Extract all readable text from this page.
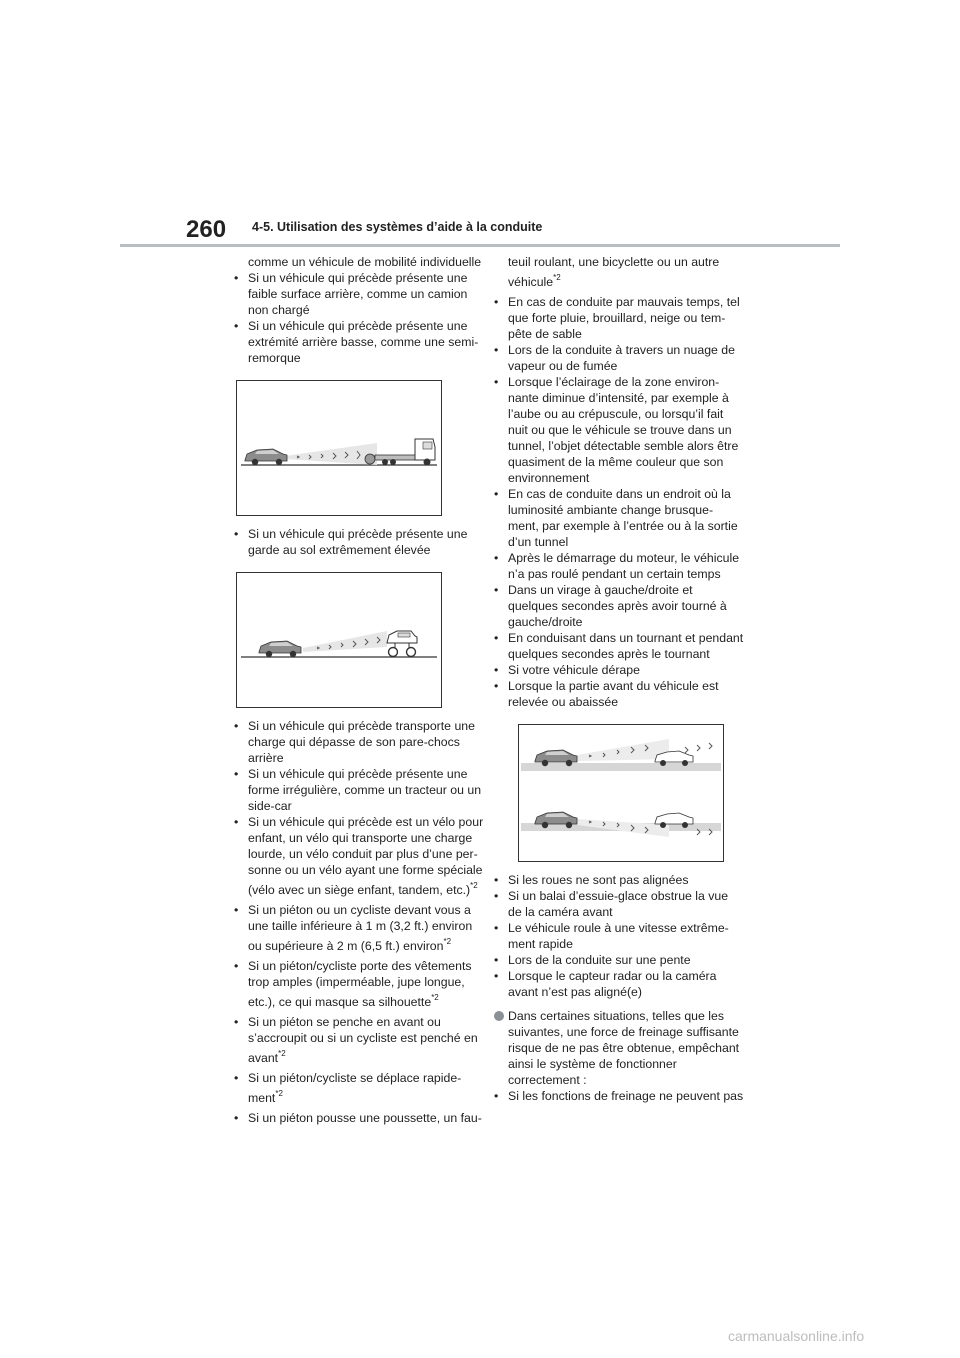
260 4-5. Utilisation des systèmes d’aide à la conduite
comme un véhicule de mobilité individuelle
• Si un véhicule qui précède présente une
faible surface arrière, comme un camion
non chargé
• Si un véhicule qui précède présente une
extrémité arrière basse, comme une semi-
remorque
• Si un véhicule qui précède présente une
garde au sol extrêmement élevée
• Si un véhicule qui précède transporte une
charge qui dépasse de son pare-chocs
arrière
• Si un véhicule qui précède présente une
forme irrégulière, comme un tracteur ou un
side-car
• Si un véhicule qui précède est un vélo pour
enfant, un vélo qui transporte une charge
lourde, un vélo conduit par plus d’une per-
sonne ou un vélo ayant une forme spéciale
(vélo avec un siège enfant, tandem, etc.)$^{*2}$
• Si un piéton ou un cycliste devant vous a
une taille inférieure à 1 m (3,2 ft.) environ
ou supérieure à 2 m (6,5 ft.) environ$^{*2}$
• Si un piéton/cycliste porte des vêtements
trop amples (imperméable, jupe longue,
etc.), ce qui masque sa silhouette$^{*2}$
• Si un piéton se penche en avant ou
s’accroupit ou si un cycliste est penché en
avant$^{*2}$
• Si un piéton/cycliste se déplace rapide-
ment$^{*2}$
• Si un piéton pousse une poussette, un fau-
teuil roulant, une bicyclette ou un autre
véhicule$^{*2}$
• En cas de conduite par mauvais temps, tel
que forte pluie, brouillard, neige ou tem-
pête de sable
• Lors de la conduite à travers un nuage de
vapeur ou de fumée
• Lorsque l’éclairage de la zone environ-
nante diminue d’intensité, par exemple à
l’aube ou au crépuscule, ou lorsqu’il fait
nuit ou que le véhicule se trouve dans un
tunnel, l’objet détectable semble alors être
quasiment de la même couleur que son
environnement
• En cas de conduite dans un endroit où la
luminosité ambiante change brusque-
ment, par exemple à l’entrée ou à la sortie
d’un tunnel
• Après le démarrage du moteur, le véhicule
n’a pas roulé pendant un certain temps
• Dans un virage à gauche/droite et
quelques secondes après avoir tourné à
gauche/droite
• En conduisant dans un tournant et pendant
quelques secondes après le tournant
• Si votre véhicule dérape
• Lorsque la partie avant du véhicule est
relevée ou abaissée
• Si les roues ne sont pas alignées
• Si un balai d’essuie-glace obstrue la vue
de la caméra avant
• Le véhicule roule à une vitesse extrême-
ment rapide
• Lors de la conduite sur une pente
• Lorsque le capteur radar ou la caméra
avant n’est pas aligné(e)
Dans certaines situations, telles que les
suivantes, une force de freinage suffisante
risque de ne pas être obtenue, empêchant
ainsi le système de fonctionner
correctement :
• Si les fonctions de freinage ne peuvent pas
carmanualsonline.info
